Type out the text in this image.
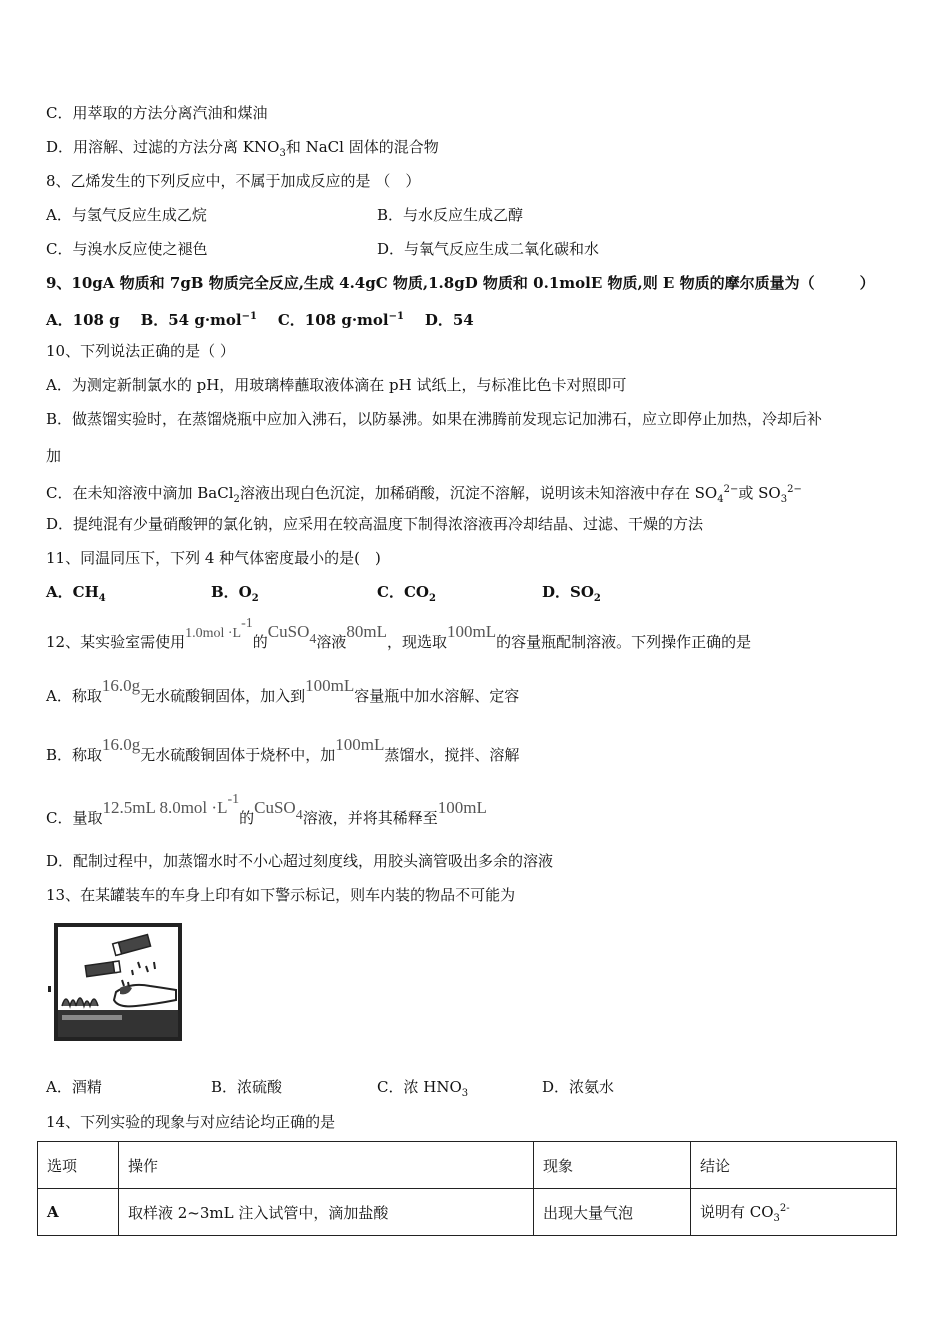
C．用萃取的方法分离汽油和煤油
D．用溶解、过滤的方法分离 $KNO_3$和 NaCl 固体的混合物
8、乙烯发生的下列反应中，不属于加成反应的是 （　）
A．与氢气反应生成乙烷	B．与水反应生成乙醇
C．与溴水反应使之褪色	D．与氧气反应生成二氧化碳和水
9、10gA 物质和 7gB 物质完全反应,生成 4.4gC 物质,1.8gD 物质和 0.1molE 物质,则 E 物质的摩尔质量为（　　　）
A．108 g B．54 g·mol$^{-1}$ C．108 g·mol$^{-1}$ D．54
10、下列说法正确的是（ ）
A．为测定新制氯水的 pH，用玻璃棒蘸取液体滴在 pH 试纸上，与标准比色卡对照即可
B．做蒸馏实验时，在蒸馏烧瓶中应加入沸石，以防暴沸。如果在沸腾前发现忘记加沸石，应立即停止加热，冷却后补
加
C．在未知溶液中滴加 BaCl$_2$溶液出现白色沉淀，加稀硝酸，沉淀不溶解，说明该未知溶液中存在 $SO_4^{2-}$或 $SO_3^{2-}$
D．提纯混有少量硝酸钾的氯化钠，应采用在较高温度下制得浓溶液再冷却结晶、过滤、干燥的方法
11、同温同压下，下列 4 种气体密度最小的是(　)
A．$CH_4$	B．$O_2$	C．$CO_2$	D．$SO_2$
12、某实验室需使用$1.0mol \cdot L^{-1}$的CuSO$_4$溶液80mL，现选取100mL的容量瓶配制溶液。下列操作正确的是
A．称取16.0g无水硫酸铜固体，加入到100mL容量瓶中加水溶解、定容
B．称取16.0g无水硫酸铜固体于烧杯中，加100mL蒸馏水，搅拌、溶解
C．量取12.5mL $8.0mol \cdot L^{-1}$的CuSO$_4$溶液，并将其稀释至100mL
D．配制过程中，加蒸馏水时不小心超过刻度线，用胶头滴管吸出多余的溶液
13、在某罐装车的车身上印有如下警示标记，则车内装的物品不可能为
A．酒精	B．浓硫酸	C．浓 $HNO_3$	D．浓氨水
14、下列实验的现象与对应结论均正确的是
选项	操作	现象	结论
A	取样液 2~3mL 注入试管中，滴加盐酸	出现大量气泡	说明有 $CO_3^{2-}$
